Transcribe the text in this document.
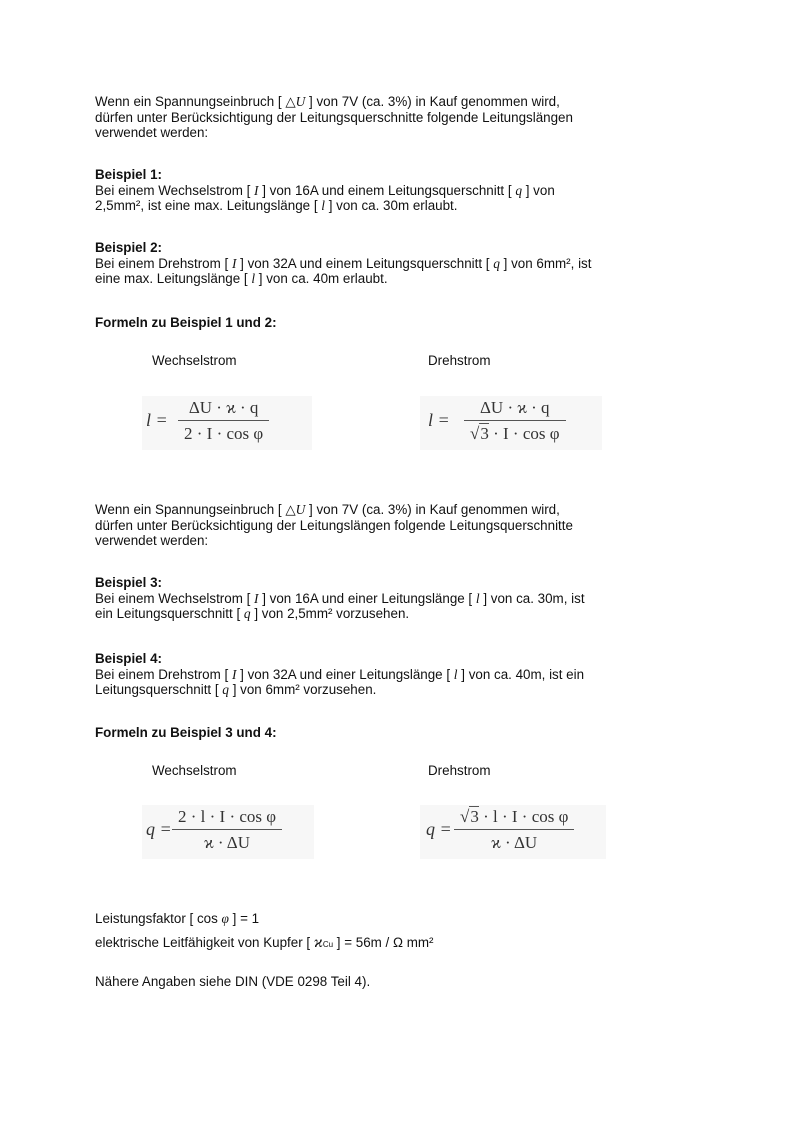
Wenn ein Spannungseinbruch [ △U ] von 7V (ca. 3%) in Kauf genommen wird,
dürfen unter Berücksichtigung der Leitungsquerschnitte folgende Leitungslängen
verwendet werden:
Beispiel 1:
Bei einem Wechselstrom [ I ] von 16A und einem Leitungsquerschnitt [ q ] von
2,5mm², ist eine max. Leitungslänge [ l ] von ca. 30m erlaubt.
Beispiel 2:
Bei einem Drehstrom [ I ] von 32A und einem Leitungsquerschnitt [ q ] von 6mm², ist
eine max. Leitungslänge [ l ] von ca. 40m erlaubt.
Formeln zu Beispiel 1 und 2:
Wechselstrom	Drehstrom
$l = \frac{\Delta U \cdot ϰ \cdot q}{\text{2 · I · cos φ}}$	$l = \frac{\Delta U \cdot ϰ \cdot q}{\text{√3 · I · cos φ}}$
Wenn ein Spannungseinbruch [ △U ] von 7V (ca. 3%) in Kauf genommen wird,
dürfen unter Berücksichtigung der Leitungslängen folgende Leitungsquerschnitte
verwendet werden:
Beispiel 3:
Bei einem Wechselstrom [ I ] von 16A und einer Leitungslänge [ l ] von ca. 30m, ist
ein Leitungsquerschnitt [ q ] von 2,5mm² vorzusehen.
Beispiel 4:
Bei einem Drehstrom [ I ] von 32A und einer Leitungslänge [ l ] von ca. 40m, ist ein
Leitungsquerschnitt [ q ] von 6mm² vorzusehen.
Formeln zu Beispiel 3 und 4:
Wechselstrom	Drehstrom
$q = \frac{\text{2 · l · I · cos φ}}{ϰ \cdot \Delta U}$	$q = \frac{\text{√3 · l · I · cos φ}}{ϰ \cdot \Delta U}$
Leistungsfaktor [ cos φ ] = 1
elektrische Leitfähigkeit von Kupfer [ ϰCu ] = 56m / Ω mm²
Nähere Angaben siehe DIN (VDE 0298 Teil 4).
